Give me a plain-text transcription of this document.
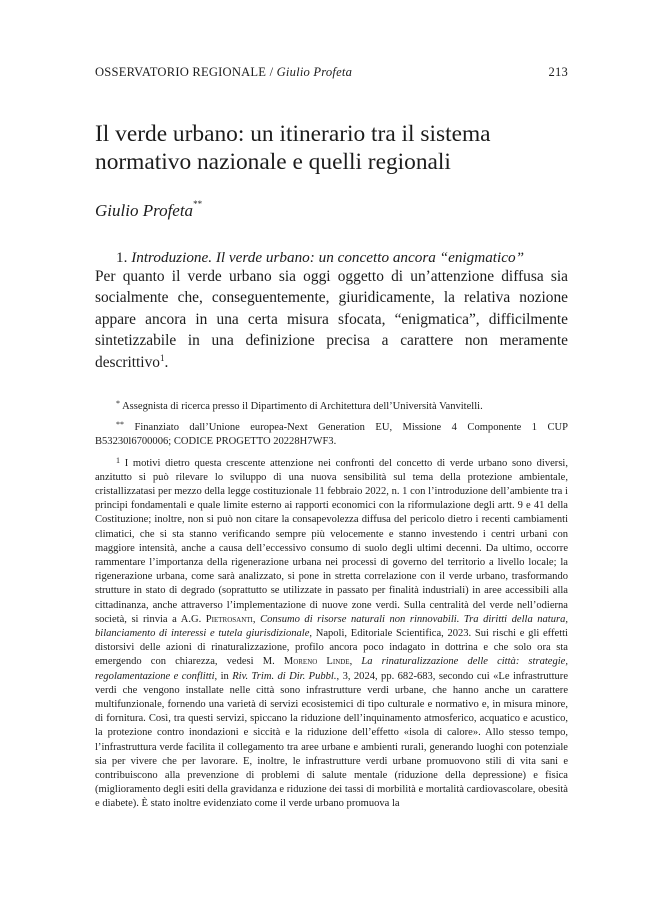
OSSERVATORIO REGIONALE / Giulio Profeta	213
Il verde urbano: un itinerario tra il sistema normativo nazionale e quelli regionali

Giulio Profeta**

1. Introduzione. Il verde urbano: un concetto ancora “enigmatico”

Per quanto il verde urbano sia oggi oggetto di un’attenzione diffusa sia socialmente che, conseguentemente, giuridicamente, la relativa nozione appare ancora in una certa misura sfocata, “enigmatica”, difficilmente sintetizzabile in una definizione precisa a carattere non meramente descrittivo$^1$.

* Assegnista di ricerca presso il Dipartimento di Architettura dell’Università Vanvitelli.

** Finanziato dall’Unione europea-Next Generation EU, Missione 4 Componente 1 CUP B53230l6700006; CODICE PROGETTO 20228H7WF3.

$^1$ I motivi dietro questa crescente attenzione nei confronti del concetto di verde urbano sono diversi, anzitutto si può rilevare lo sviluppo di una nuova sensibilità sul tema della protezione ambientale, cristallizzatasi per mezzo della legge costituzionale 11 febbraio 2022, n. 1 con l’introduzione dell’ambiente tra i principi fondamentali e quale limite esterno ai rapporti economici con la riformulazione degli artt. 9 e 41 della Costituzione; inoltre, non si può non citare la consapevolezza diffusa del pericolo dietro i recenti cambiamenti climatici, che si sta stanno verificando sempre più velocemente e stanno investendo i centri urbani con maggiore intensità, anche a causa dell’eccessivo consumo di suolo degli ultimi decenni. Da ultimo, occorre rammentare l’importanza della rigenerazione urbana nei processi di governo del territorio a livello locale; la rigenerazione urbana, come sarà analizzato, si pone in stretta correlazione con il verde urbano, trasformando strutture in stato di degrado (soprattutto se utilizzate in passato per finalità industriali) in aree accessibili alla cittadinanza, anche attraverso l’implementazione di nuove zone verdi. Sulla centralità del verde nell’odierna società, si rinvia a A.G. Pietrosanti, Consumo di risorse naturali non rinnovabili. Tra diritti della natura, bilanciamento di interessi e tutela giurisdizionale, Napoli, Editoriale Scientifica, 2023. Sui rischi e gli effetti distorsivi delle azioni di rinaturalizzazione, profilo ancora poco indagato in dottrina e che solo ora sta emergendo con chiarezza, vedesi M. Moreno Linde, La rinaturalizzazione delle città: strategie, regolamentazione e conflitti, in Riv. Trim. di Dir. Pubbl., 3, 2024, pp. 682-683, secondo cui «Le infrastrutture verdi che vengono installate nelle città sono infrastrutture verdi urbane, che hanno anche un carattere multifunzionale, fornendo una varietà di servizi ecosistemici di tipo culturale e normativo e, in misura minore, di fornitura. Così, tra questi servizi, spiccano la riduzione dell’inquinamento atmosferico, acquatico e acustico, la protezione contro inondazioni e siccità e la riduzione dell’effetto «isola di calore». Allo stesso tempo, l’infrastruttura verde facilita il collegamento tra aree urbane e ambienti rurali, generando luoghi con potenziale sia per vivere che per lavorare. E, inoltre, le infrastrutture verdi urbane promuovono stili di vita sani e contribuiscono alla prevenzione di problemi di salute mentale (riduzione della depressione) e fisica (miglioramento degli esiti della gravidanza e riduzione dei tassi di morbilità e mortalità cardiovascolare, obesità e diabete). È stato inoltre evidenziato come il verde urbano promuova la
